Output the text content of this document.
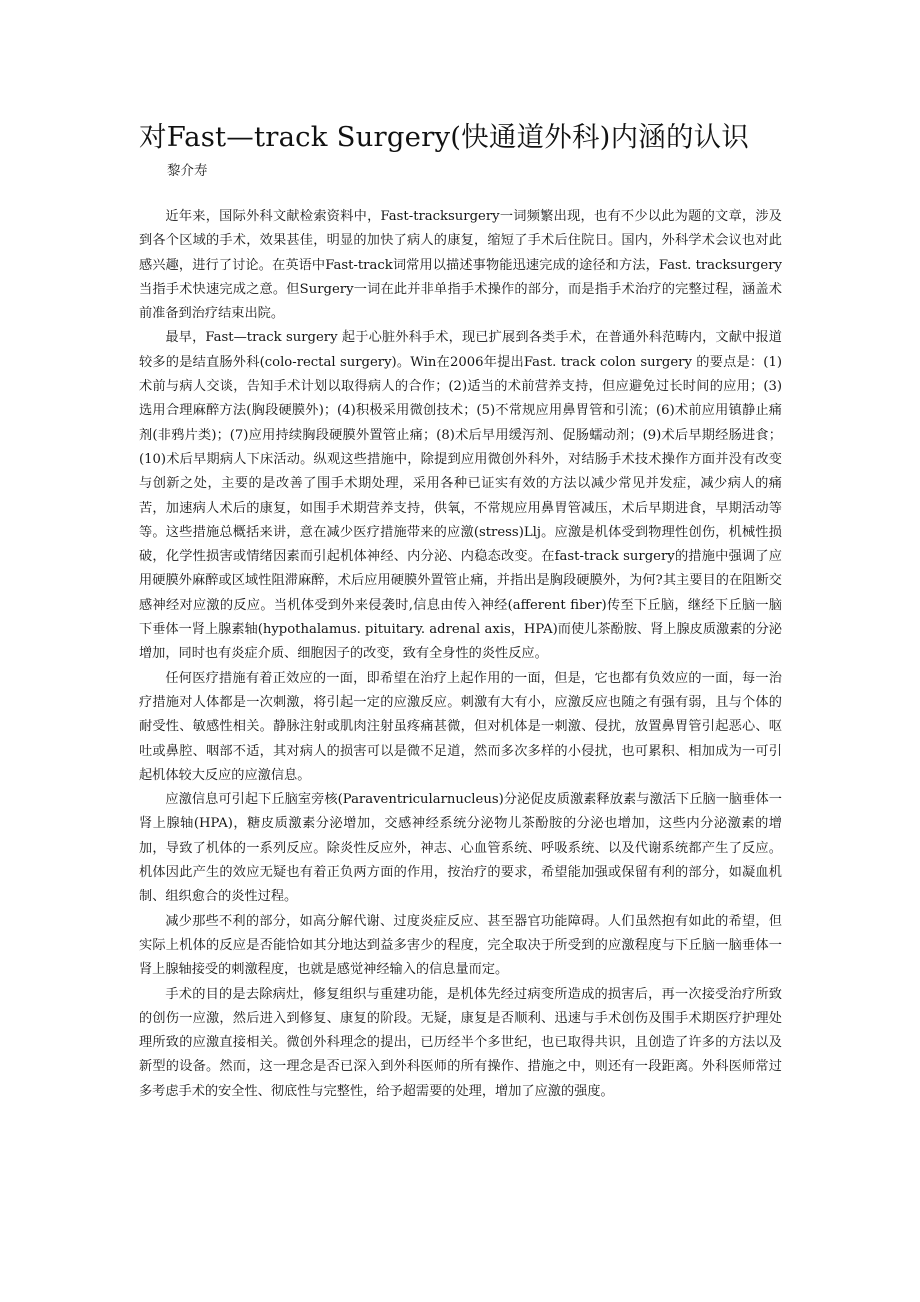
对Fast—track Surgery(快通道外科)内涵的认识

黎介寿

近年来，国际外科文献检索资料中，Fast-tracksurgery一词频繁出现，也有不少以此为题的文章，涉及到各个区域的手术，效果甚佳，明显的加快了病人的康复，缩短了手术后住院日。国内，外科学术会议也对此感兴趣，进行了讨论。在英语中Fast-track词常用以描述事物能迅速完成的途径和方法，Fast. tracksurgery当指手术快速完成之意。但Surgery一词在此并非单指手术操作的部分，而是指手术治疗的完整过程，涵盖术前准备到治疗结束出院。

最早，Fast—track surgery 起于心脏外科手术，现已扩展到各类手术，在普通外科范畴内，文献中报道较多的是结直肠外科(colo-rectal surgery)。Win在2006年提出Fast. track colon surgery 的要点是：(1)术前与病人交谈，告知手术计划以取得病人的合作；(2)适当的术前营养支持，但应避免过长时间的应用；(3)选用合理麻醉方法(胸段硬膜外)；(4)积极采用微创技术；(5)不常规应用鼻胃管和引流；(6)术前应用镇静止痛剂(非鸦片类)；(7)应用持续胸段硬膜外置管止痛；(8)术后早用缓泻剂、促肠蠕动剂；(9)术后早期经肠进食；(10)术后早期病人下床活动。纵观这些措施中，除提到应用微创外科外，对结肠手术技术操作方面并没有改变与创新之处，主要的是改善了围手术期处理，采用各种已证实有效的方法以减少常见并发症，减少病人的痛苦，加速病人术后的康复，如围手术期营养支持，供氧，不常规应用鼻胃管减压，术后早期进食，早期活动等等。这些措施总概括来讲，意在减少医疗措施带来的应激(stress)Llj。应激是机体受到物理性创伤，机械性损破，化学性损害或情绪因素而引起机体神经、内分泌、内稳态改变。在fast-track surgery的措施中强调了应用硬膜外麻醉或区域性阻滞麻醉，术后应用硬膜外置管止痛，并指出是胸段硬膜外，为何?其主要目的在阻断交感神经对应激的反应。当机体受到外来侵袭时,信息由传入神经(afferent fiber)传至下丘脑，继经下丘脑一脑下垂体一肾上腺素轴(hypothalamus. pituitary. adrenal axis，HPA)而使儿茶酚胺、肾上腺皮质激素的分泌增加，同时也有炎症介质、细胞因子的改变，致有全身性的炎性反应。

任何医疗措施有着正效应的一面，即希望在治疗上起作用的一面，但是，它也都有负效应的一面，每一治疗措施对人体都是一次刺激，将引起一定的应激反应。刺激有大有小，应激反应也随之有强有弱，且与个体的耐受性、敏感性相关。静脉注射或肌肉注射虽疼痛甚微，但对机体是一刺激、侵扰，放置鼻胃管引起恶心、呕吐或鼻腔、咽部不适，其对病人的损害可以是微不足道，然而多次多样的小侵扰，也可累积、相加成为一可引起机体较大反应的应激信息。

应激信息可引起下丘脑室旁核(Paraventricularnucleus)分泌促皮质激素释放素与激活下丘脑一脑垂体一肾上腺轴(HPA)，糖皮质激素分泌增加，交感神经系统分泌物儿茶酚胺的分泌也增加，这些内分泌激素的增加，导致了机体的一系列反应。除炎性反应外，神志、心血管系统、呼吸系统、以及代谢系统都产生了反应。机体因此产生的效应无疑也有着正负两方面的作用，按治疗的要求，希望能加强或保留有利的部分，如凝血机制、组织愈合的炎性过程。

减少那些不利的部分，如高分解代谢、过度炎症反应、甚至器官功能障碍。人们虽然抱有如此的希望，但实际上机体的反应是否能恰如其分地达到益多害少的程度，完全取决于所受到的应激程度与下丘脑一脑垂体一肾上腺轴接受的刺激程度，也就是感觉神经输入的信息量而定。

手术的目的是去除病灶，修复组织与重建功能，是机体先经过病变所造成的损害后，再一次接受治疗所致的创伤一应激，然后进入到修复、康复的阶段。无疑，康复是否顺利、迅速与手术创伤及围手术期医疗护理处理所致的应激直接相关。微创外科理念的提出，已历经半个多世纪，也已取得共识，且创造了许多的方法以及新型的设备。然而，这一理念是否已深入到外科医师的所有操作、措施之中，则还有一段距离。外科医师常过多考虑手术的安全性、彻底性与完整性，给予超需要的处理，增加了应激的强度。
